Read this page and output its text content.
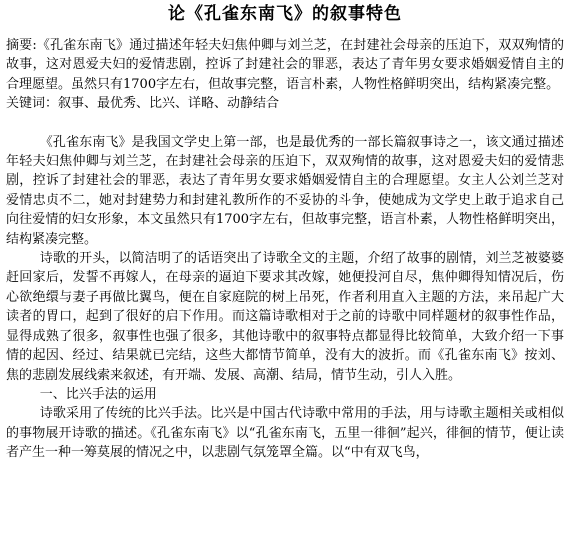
论《孔雀东南飞》的叙事特色

摘要:《孔雀东南飞》通过描述年轻夫妇焦仲卿与刘兰芝，在封建社会母亲的压迫下，双双殉情的故事，这对恩爱夫妇的爱情悲剧，控诉了封建社会的罪恶，表达了青年男女要求婚姻爱情自主的合理愿望。虽然只有1700字左右，但故事完整，语言朴素，人物性格鲜明突出，结构紧凑完整。

关键词：叙事、最优秀、比兴、详略、动静结合

《孔雀东南飞》是我国文学史上第一部，也是最优秀的一部长篇叙事诗之一，该文通过描述年轻夫妇焦仲卿与刘兰芝，在封建社会母亲的压迫下，双双殉情的故事，这对恩爱夫妇的爱情悲剧，控诉了封建社会的罪恶，表达了青年男女要求婚姻爱情自主的合理愿望。女主人公刘兰芝对爱情忠贞不二，她对封建势力和封建礼教所作的不妥协的斗争，使她成为文学史上敢于追求自己向往爱情的妇女形象，本文虽然只有1700字左右，但故事完整，语言朴素，人物性格鲜明突出，结构紧凑完整。

诗歌的开头，以简洁明了的话语突出了诗歌全文的主题，介绍了故事的剧情，刘兰芝被婆婆赶回家后，发誓不再嫁人，在母亲的逼迫下要求其改嫁，她便投河自尽，焦仲卿得知情况后，伤心欲绝缳与妻子再做比翼鸟，便在自家庭院的树上吊死，作者利用直入主题的方法，来吊起广大读者的胃口，起到了很好的启下作用。而这篇诗歌相对于之前的诗歌中同样题材的叙事性作品，显得成熟了很多，叙事性也强了很多，其他诗歌中的叙事特点都显得比较简单，大致介绍一下事情的起因、经过、结果就已完结，这些大都情节简单，没有大的波折。而《孔雀东南飞》按刘、焦的悲剧发展线索来叙述，有开端、发展、高潮、结局，情节生动，引人入胜。

一、比兴手法的运用

诗歌采用了传统的比兴手法。比兴是中国古代诗歌中常用的手法，用与诗歌主题相关或相似的事物展开诗歌的描述。《孔雀东南飞》以“孔雀东南飞，五里一徘徊”起兴，徘徊的情节，便让读者产生一种一筹莫展的情况之中，以悲剧气氛笼罩全篇。以“中有双飞鸟，
